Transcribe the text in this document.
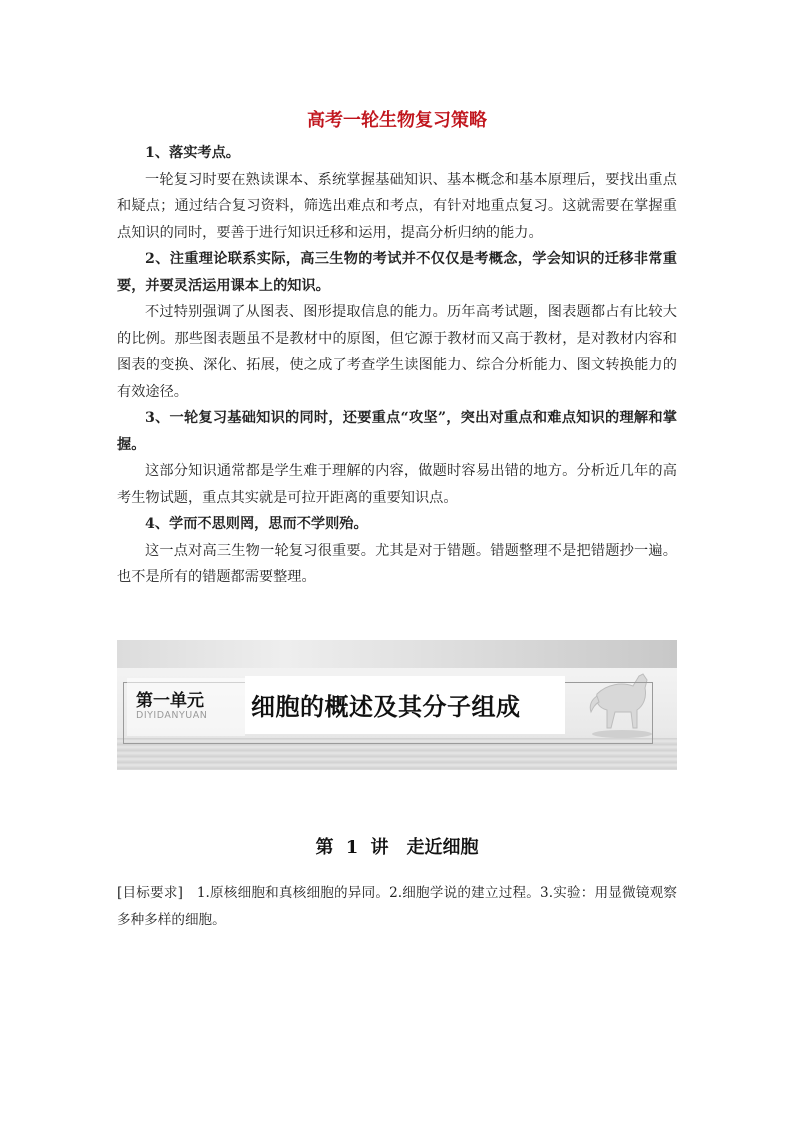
高考一轮生物复习策略

1、落实考点。

一轮复习时要在熟读课本、系统掌握基础知识、基本概念和基本原理后，要找出重点和疑点；通过结合复习资料，筛选出难点和考点，有针对地重点复习。这就需要在掌握重点知识的同时，要善于进行知识迁移和运用，提高分析归纳的能力。

2、注重理论联系实际，高三生物的考试并不仅仅是考概念，学会知识的迁移非常重要，并要灵活运用课本上的知识。

不过特别强调了从图表、图形提取信息的能力。历年高考试题，图表题都占有比较大的比例。那些图表题虽不是教材中的原图，但它源于教材而又高于教材，是对教材内容和图表的变换、深化、拓展，使之成了考查学生读图能力、综合分析能力、图文转换能力的有效途径。

3、一轮复习基础知识的同时，还要重点“攻坚”，突出对重点和难点知识的理解和掌握。

这部分知识通常都是学生难于理解的内容，做题时容易出错的地方。分析近几年的高考生物试题，重点其实就是可拉开距离的重要知识点。

4、学而不思则罔，思而不学则殆。

这一点对高三生物一轮复习很重要。尤其是对于错题。错题整理不是把错题抄一遍。也不是所有的错题都需要整理。

第一单元
DIYIDANYUAN 细胞的概述及其分子组成
第 1 讲　走近细胞
[目标要求]　 1.原核细胞和真核细胞的异同。2.细胞学说的建立过程。3.实验：用显微镜观察多种多样的细胞。
